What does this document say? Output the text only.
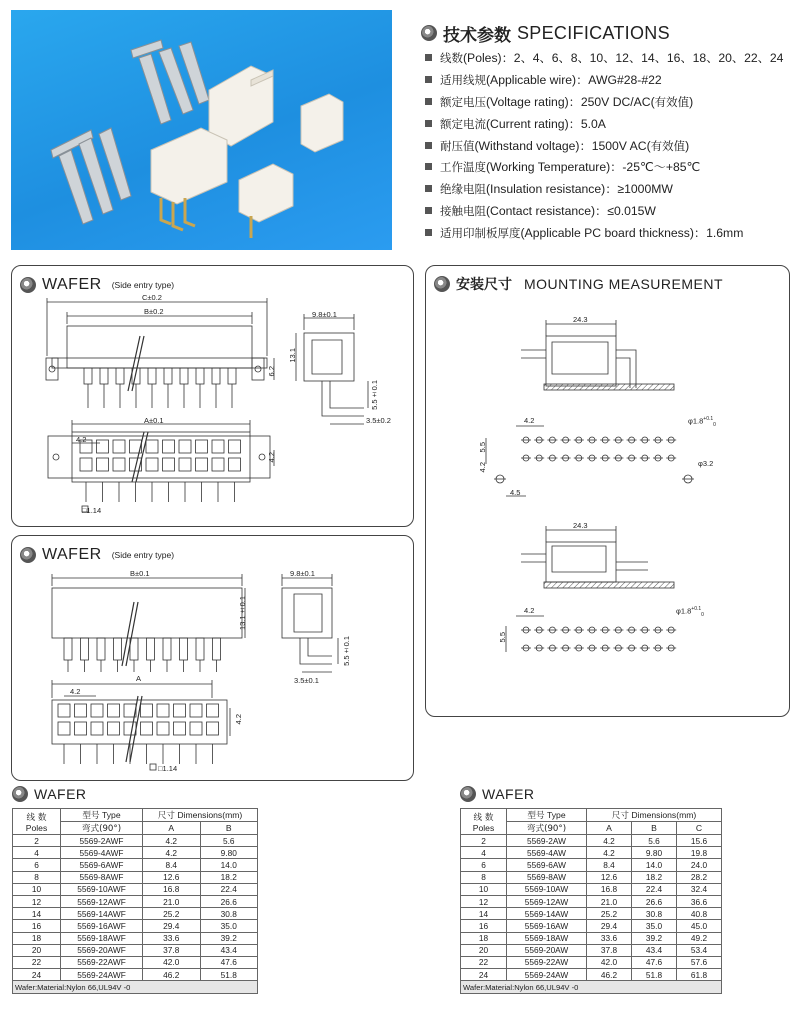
技术参数 SPECIFICATIONS
线数(Poles)：2、4、6、8、10、12、14、16、18、20、22、24
适用线规(Applicable wire)：AWG#28-#22
额定电压(Voltage rating)：250V DC/AC(有效值)
额定电流(Current rating)：5.0A
耐压值(Withstand voltage)：1500V AC(有效值)
工作温度(Working Temperature)：-25℃～+85℃
绝缘电阻(Insulation resistance)：≥1000MW
接触电阻(Contact resistance)：≤0.015W
适用印制板厚度(Applicable PC board thickness)：1.6mm
WAFER (Side entry type)
C±0.2
B±0.2
6.2
9.8±0.1
13.1
5.5±0.1
3.5±0.2
A±0.1
4.2
4.2
□1.14
WAFER (Side entry type)
B±0.1
13.1±0.1
9.8±0.1
5.5±0.1
3.5±0.1
A
4.2
4.2
□1.14
安装尺寸 MOUNTING MEASUREMENT
24.3
4.2	$\varphi 1.8^{+0.1}_0$
5.5
4.2
4.5
φ3.2
24.3
4.2	$\varphi 1.8^{+0.1}_0$
5.5
WAFER
线 数
Poles	型号 Type	尺寸 Dimensions(mm)	
	弯式(90°)	A	B
2	5569-2AWF	4.2	5.6
4	5569-4AWF	4.2	9.80
6	5569-6AWF	8.4	14.0
8	5569-8AWF	12.6	18.2
10	5569-10AWF	16.8	22.4
12	5569-12AWF	21.0	26.6
14	5569-14AWF	25.2	30.8
16	5569-16AWF	29.4	35.0
18	5569-18AWF	33.6	39.2
20	5569-20AWF	37.8	43.4
22	5569-22AWF	42.0	47.6
24	5569-24AWF	46.2	51.8
Wafer:Material:Nylon 66,UL94V -0			
WAFER
线 数
Poles	型号 Type	尺寸 Dimensions(mm)		
	弯式(90°)	A	B	C
2	5569-2AW	4.2	5.6	15.6
4	5569-4AW	4.2	9.80	19.8
6	5569-6AW	8.4	14.0	24.0
8	5569-8AW	12.6	18.2	28.2
10	5569-10AW	16.8	22.4	32.4
12	5569-12AW	21.0	26.6	36.6
14	5569-14AW	25.2	30.8	40.8
16	5569-16AW	29.4	35.0	45.0
18	5569-18AW	33.6	39.2	49.2
20	5569-20AW	37.8	43.4	53.4
22	5569-22AW	42.0	47.6	57.6
24	5569-24AW	46.2	51.8	61.8
Wafer:Material:Nylon 66,UL94V -0				
